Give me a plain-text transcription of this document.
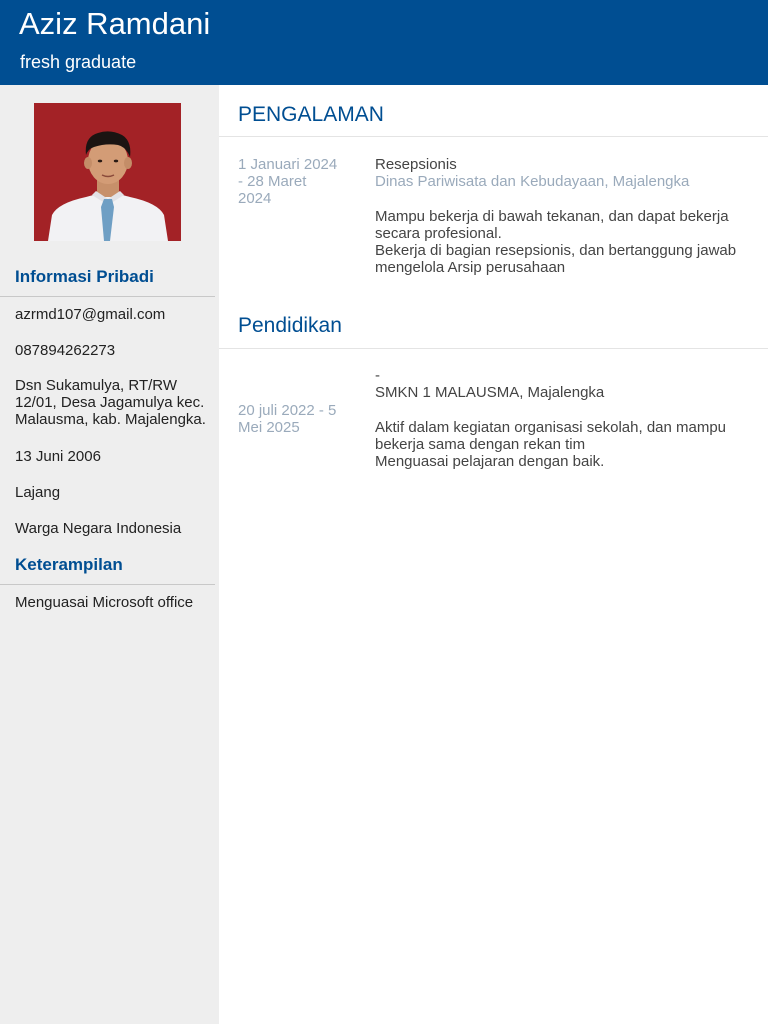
Aziz Ramdani
fresh graduate
Informasi Pribadi
azrmd107@gmail.com
087894262273
Dsn Sukamulya, RT/RW 12/01, Desa Jagamulya kec. Malausma, kab. Majalengka.
13 Juni 2006
Lajang
Warga Negara Indonesia
Keterampilan
Menguasai Microsoft office
PENGALAMAN
1 Januari 2024 - 28 Maret 2024

Resepsionis

Dinas Pariwisata dan Kebudayaan, Majalengka

Mampu bekerja di bawah tekanan, dan dapat bekerja secara profesional.

Bekerja di bagian resepsionis, dan bertanggung jawab mengelola Arsip perusahaan

Pendidikan
20 juli 2022 - 5 Mei 2025

-

SMKN 1 MALAUSMA, Majalengka

Aktif dalam kegiatan organisasi sekolah, dan mampu bekerja sama dengan rekan tim

Menguasai pelajaran dengan baik.
